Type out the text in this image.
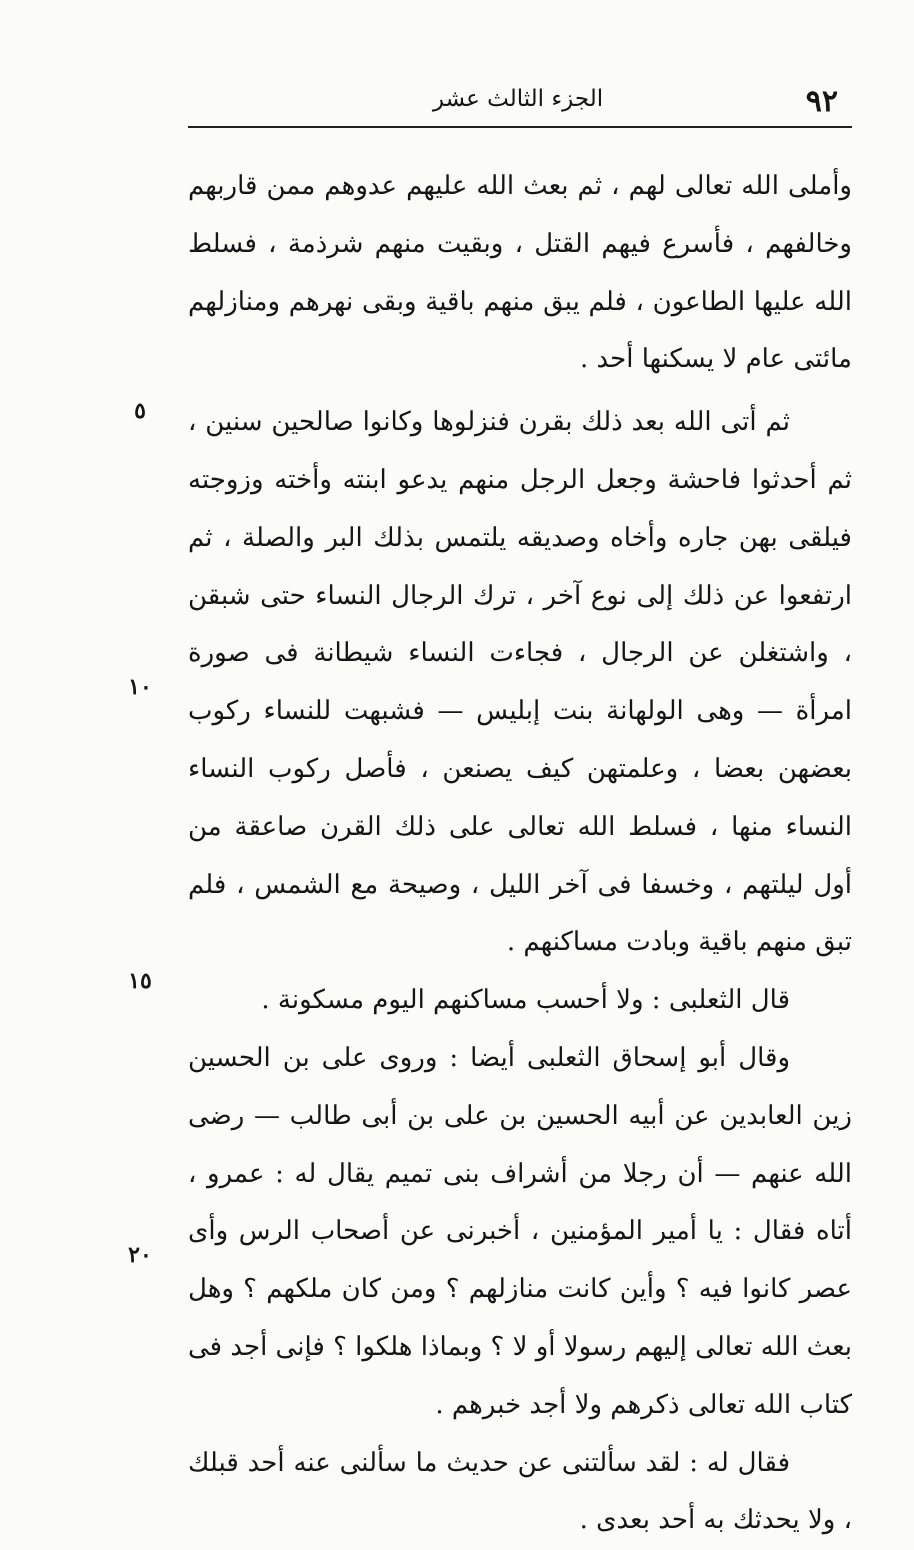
٩٢
الجزء الثالث عشر
٥
١٠
١٥
٢٠

وأملى الله تعالى لهم ، ثم بعث الله عليهم عدوهم ممن قاربهم وخالفهم ، فأسرع فيهم القتل ، وبقيت منهم شرذمة ، فسلط الله عليها الطاعون ، فلم يبق منهم باقية وبقى نهرهم ومنازلهم مائتى عام لا يسكنها أحد .

ثم أتى الله بعد ذلك بقرن فنزلوها وكانوا صالحين سنين ، ثم أحدثوا فاحشة وجعل الرجل منهم يدعو ابنته وأخته وزوجته فيلقى بهن جاره وأخاه وصديقه يلتمس بذلك البر والصلة ، ثم ارتفعوا عن ذلك إلى نوع آخر ، ترك الرجال النساء حتى شبقن ، واشتغلن عن الرجال ، فجاءت النساء شيطانة فى صورة امرأة — وهى الولهانة بنت إبليس — فشبهت للنساء ركوب بعضهن بعضا ، وعلمتهن كيف يصنعن ، فأصل ركوب النساء النساء منها ، فسلط الله تعالى على ذلك القرن صاعقة من أول ليلتهم ، وخسفا فى آخر الليل ، وصيحة مع الشمس ، فلم تبق منهم باقية وبادت مساكنهم .

قال الثعلبى : ولا أحسب مساكنهم اليوم مسكونة .

وقال أبو إسحاق الثعلبى أيضا : وروى على بن الحسين زين العابدين عن أبيه الحسين بن على بن أبى طالب — رضى الله عنهم — أن رجلا من أشراف بنى تميم يقال له : عمرو ، أتاه فقال : يا أمير المؤمنين ، أخبرنى عن أصحاب الرس وأى عصر كانوا فيه ؟ وأين كانت منازلهم ؟ ومن كان ملكهم ؟ وهل بعث الله تعالى إليهم رسولا أو لا ؟ وبماذا هلكوا ؟ فإنى أجد فى كتاب الله تعالى ذكرهم ولا أجد خبرهم .

فقال له : لقد سألتنى عن حديث ما سألنى عنه أحد قبلك ، ولا يحدثك به أحد بعدى .
